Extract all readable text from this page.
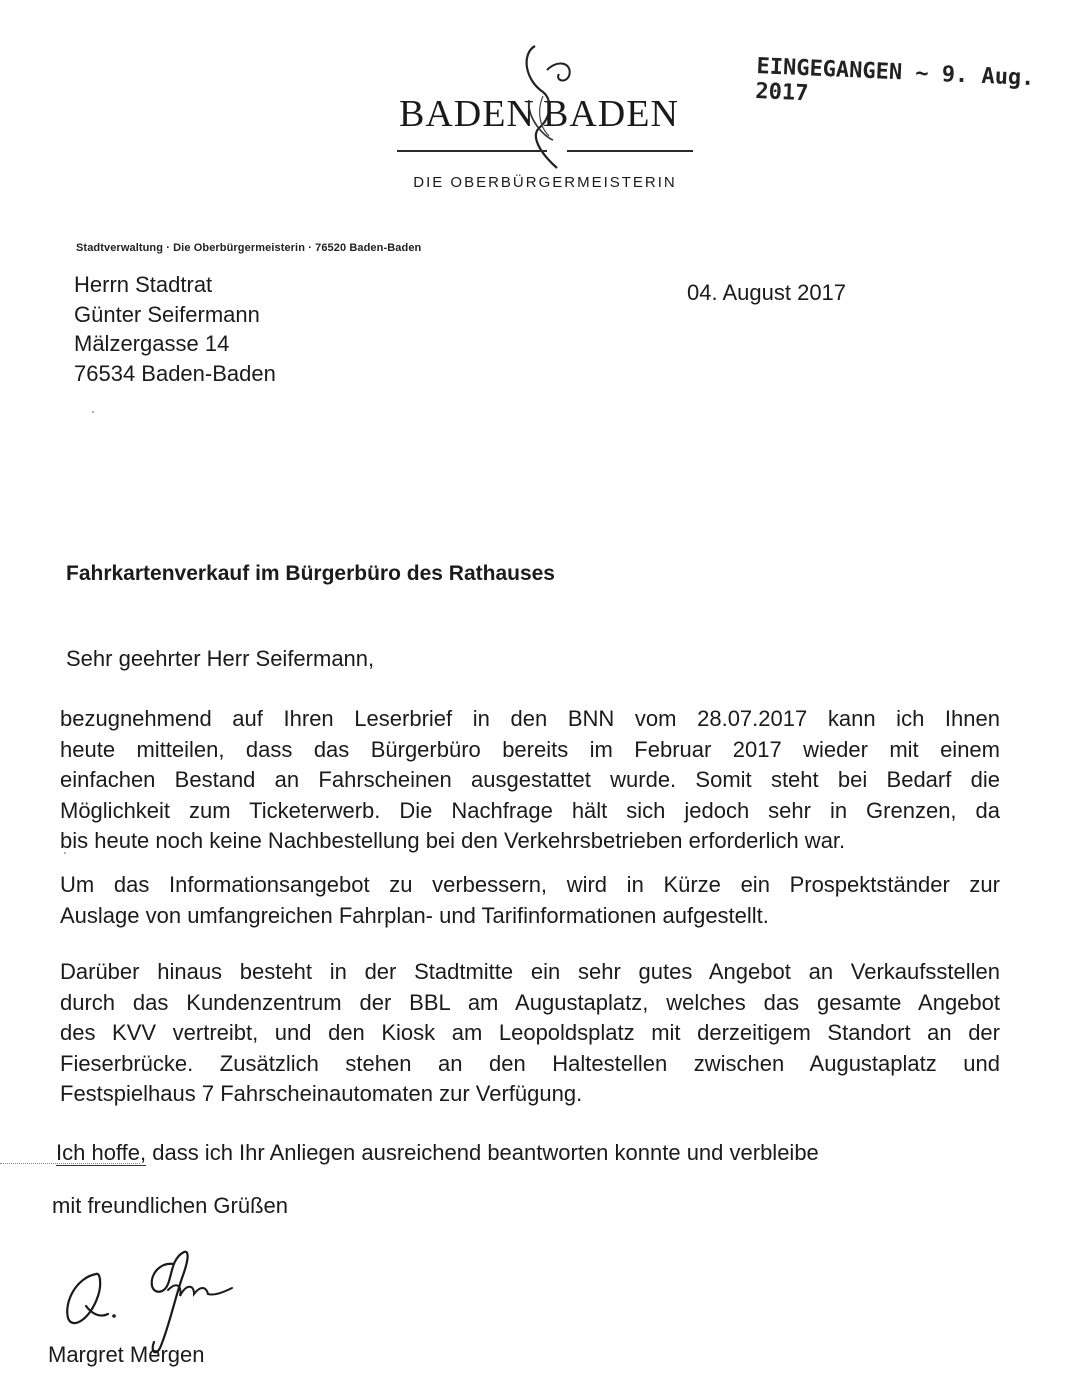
BADEN BADEN
DIE OBERBÜRGERMEISTERIN
EINGEGANGEN ~ 9. Aug. 2017
Stadtverwaltung · Die Oberbürgermeisterin · 76520 Baden-Baden
Herrn Stadtrat
Günter Seifermann
Mälzergasse 14
76534 Baden-Baden
04. August 2017
Fahrkartenverkauf im Bürgerbüro des Rathauses
Sehr geehrter Herr Seifermann,
bezugnehmend auf Ihren Leserbrief in den BNN vom 28.07.2017 kann ich Ihnen
heute mitteilen, dass das Bürgerbüro bereits im Februar 2017 wieder mit einem
einfachen Bestand an Fahrscheinen ausgestattet wurde. Somit steht bei Bedarf die
Möglichkeit zum Ticketerwerb. Die Nachfrage hält sich jedoch sehr in Grenzen, da
bis heute noch keine Nachbestellung bei den Verkehrsbetrieben erforderlich war.
Um das Informationsangebot zu verbessern, wird in Kürze ein Prospektständer zur
Auslage von umfangreichen Fahrplan- und Tarifinformationen aufgestellt.
Darüber hinaus besteht in der Stadtmitte ein sehr gutes Angebot an Verkaufsstellen
durch das Kundenzentrum der BBL am Augustaplatz, welches das gesamte Angebot
des KVV vertreibt, und den Kiosk am Leopoldsplatz mit derzeitigem Standort an der
Fieserbrücke. Zusätzlich stehen an den Haltestellen zwischen Augustaplatz und
Festspielhaus 7 Fahrscheinautomaten zur Verfügung.
Ich hoffe, dass ich Ihr Anliegen ausreichend beantworten konnte und verbleibe
mit freundlichen Grüßen
Margret Mergen
